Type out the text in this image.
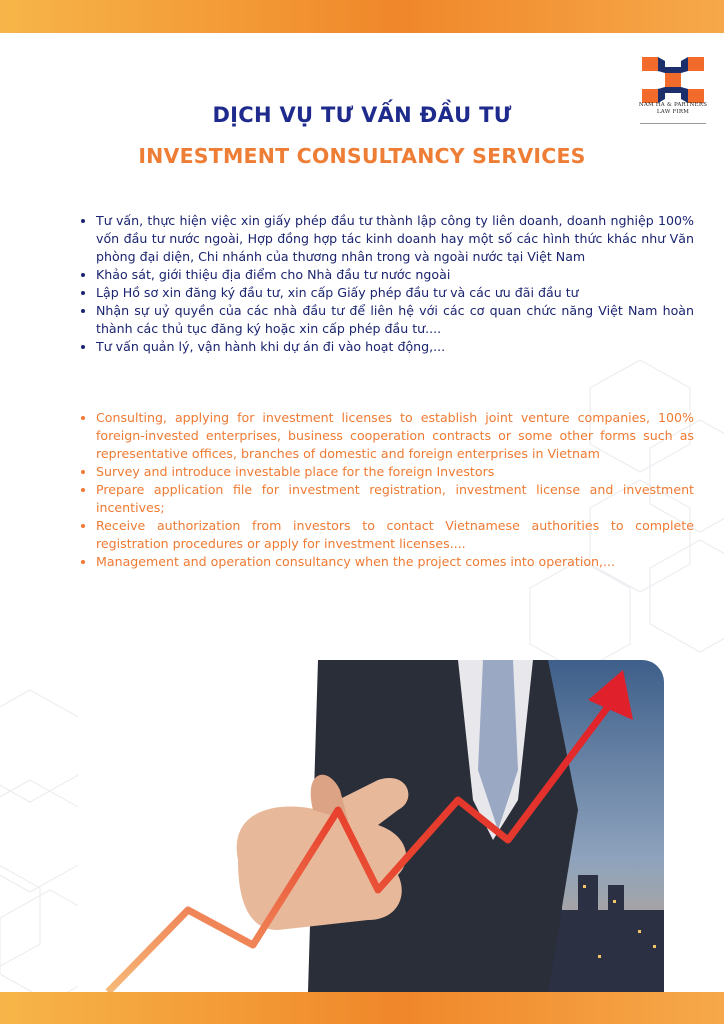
NAM HA & PARTNERS
LAW FIRM
DỊCH VỤ TƯ VẤN ĐẦU TƯ
INVESTMENT CONSULTANCY SERVICES
• Tư vấn, thực hiện việc xin giấy phép đầu tư thành lập công ty liên doanh, doanh nghiệp 100% vốn đầu tư nước ngoài, Hợp đồng hợp tác kinh doanh hay một số các hình thức khác như Văn phòng đại diện, Chi nhánh của thương nhân trong và ngoài nước tại Việt Nam
• Khảo sát, giới thiệu địa điểm cho Nhà đầu tư nước ngoài
• Lập Hồ sơ xin đăng ký đầu tư, xin cấp Giấy phép đầu tư và các ưu đãi đầu tư
• Nhận sự uỷ quyền của các nhà đầu tư để liên hệ với các cơ quan chức năng Việt Nam hoàn thành các thủ tục đăng ký hoặc xin cấp phép đầu tư....
• Tư vấn quản lý, vận hành khi dự án đi vào hoạt động,...
• Consulting, applying for investment licenses to establish joint venture companies, 100% foreign-invested enterprises, business cooperation contracts or some other forms such as representative offices, branches of domestic and foreign enterprises in Vietnam
• Survey and introduce investable place for the foreign Investors
• Prepare application file for investment registration, investment license and investment incentives;
• Receive authorization from investors to contact Vietnamese authorities to complete registration procedures or apply for investment licenses....
• Management and operation consultancy when the project comes into operation,...
